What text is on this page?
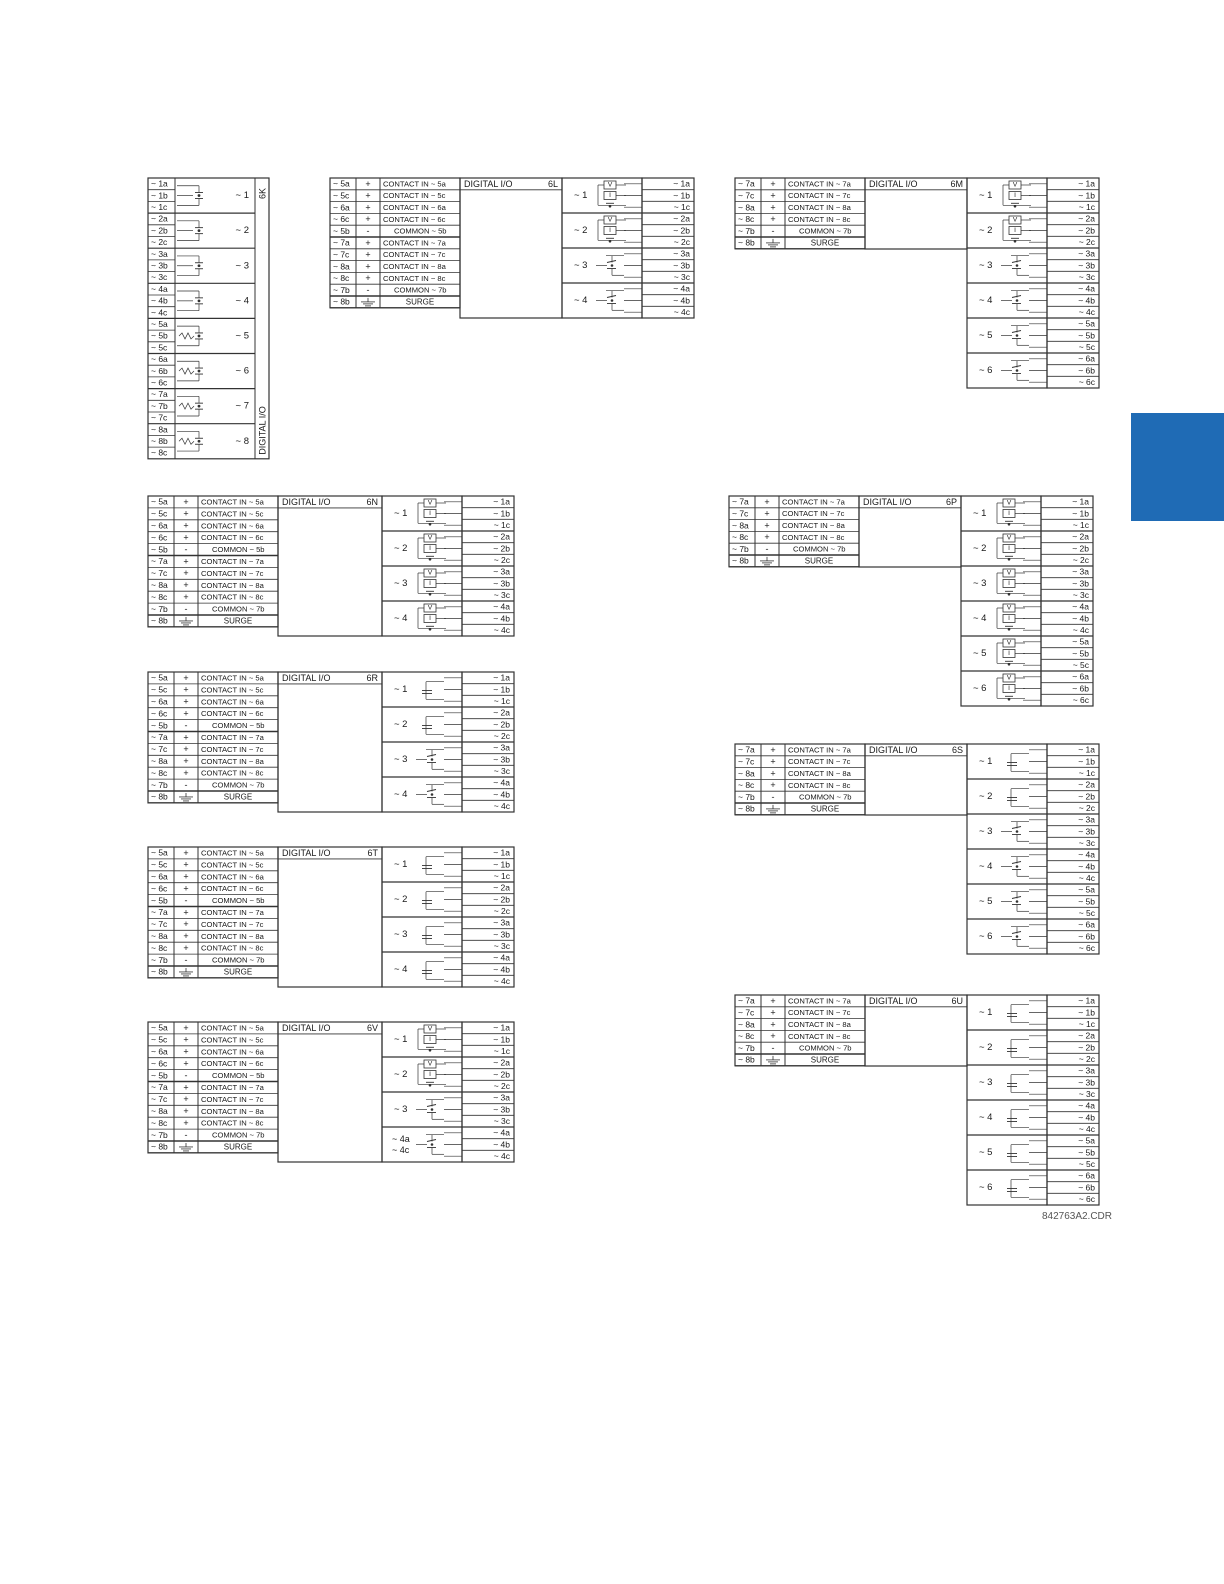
~ 1a
~ 1b
~ 1c
~ 1
~ 2a
~ 2b
~ 2c
~ 2
~ 3a
~ 3b
~ 3c
~ 3
~ 4a
~ 4b
~ 4c
~ 4
~ 5a
~ 5b
~ 5c
~ 5
~ 6a
~ 6b
~ 6c
~ 6
~ 7a
~ 7b
~ 7c
~ 7
~ 8a
~ 8b
~ 8c
~ 8
6K
DIGITAL I/O
~ 5a + CONTACT IN ~ 5a
~ 5c + CONTACT IN ~ 5c
~ 6a + CONTACT IN ~ 6a
~ 6c + CONTACT IN ~ 6c
~ 5b -	COMMON ~ 5b
~ 7a + CONTACT IN ~ 7a
~ 7c + CONTACT IN ~ 7c
~ 8a + CONTACT IN ~ 8a
~ 8c + CONTACT IN ~ 8c
~ 7b -	COMMON ~ 7b
~ 8b	SURGE
DIGITAL I/O	6L
~ 1
V
I
~ 1a
~ 1b
~ 1c
~ 2
V
I
~ 2a
~ 2b
~ 2c
~ 3
~ 3a
~ 3b
~ 3c
~ 4
~ 4a
~ 4b
~ 4c
~ 7a + CONTACT IN ~ 7a
~ 7c + CONTACT IN ~ 7c
~ 8a + CONTACT IN ~ 8a
~ 8c + CONTACT IN ~ 8c
~ 7b -	COMMON ~ 7b
~ 8b	SURGE
DIGITAL I/O	6M
~ 1
V
I
~ 1a
~ 1b
~ 1c
~ 2
V
I
~ 2a
~ 2b
~ 2c
~ 3
~ 3a
~ 3b
~ 3c
~ 4
~ 4a
~ 4b
~ 4c
~ 5
~ 5a
~ 5b
~ 5c
~ 6
~ 6a
~ 6b
~ 6c
~ 5a + CONTACT IN ~ 5a
~ 5c + CONTACT IN ~ 5c
~ 6a + CONTACT IN ~ 6a
~ 6c + CONTACT IN ~ 6c
~ 5b -	COMMON ~ 5b
~ 7a + CONTACT IN ~ 7a
~ 7c + CONTACT IN ~ 7c
~ 8a + CONTACT IN ~ 8a
~ 8c + CONTACT IN ~ 8c
~ 7b -	COMMON ~ 7b
~ 8b	SURGE
DIGITAL I/O	6N
~ 1
V
I
~ 1a
~ 1b
~ 1c
~ 2
V
I
~ 2a
~ 2b
~ 2c
~ 3
V
I
~ 3a
~ 3b
~ 3c
~ 4
V
I
~ 4a
~ 4b
~ 4c
~ 7a + CONTACT IN ~ 7a
~ 7c + CONTACT IN ~ 7c
~ 8a + CONTACT IN ~ 8a
~ 8c + CONTACT IN ~ 8c
~ 7b -	COMMON ~ 7b
~ 8b	SURGE
DIGITAL I/O	6P
~ 1
V
I
~ 1a
~ 1b
~ 1c
~ 2
V
I
~ 2a
~ 2b
~ 2c
~ 3
V
I
~ 3a
~ 3b
~ 3c
~ 4
V
I
~ 4a
~ 4b
~ 4c
~ 5
V
I
~ 5a
~ 5b
~ 5c
~ 6
V
I
~ 6a
~ 6b
~ 6c
~ 5a + CONTACT IN ~ 5a
~ 5c + CONTACT IN ~ 5c
~ 6a + CONTACT IN ~ 6a
~ 6c + CONTACT IN ~ 6c
~ 5b -	COMMON ~ 5b
~ 7a + CONTACT IN ~ 7a
~ 7c + CONTACT IN ~ 7c
~ 8a + CONTACT IN ~ 8a
~ 8c + CONTACT IN ~ 8c
~ 7b -	COMMON ~ 7b
~ 8b	SURGE
DIGITAL I/O	6R
~ 1
~ 1a
~ 1b
~ 1c
~ 2
~ 2a
~ 2b
~ 2c
~ 3
~ 3a
~ 3b
~ 3c
~ 4
~ 4a
~ 4b
~ 4c
~ 7a + CONTACT IN ~ 7a
~ 7c + CONTACT IN ~ 7c
~ 8a + CONTACT IN ~ 8a
~ 8c + CONTACT IN ~ 8c
~ 7b -	COMMON ~ 7b
~ 8b	SURGE
DIGITAL I/O	6S
~ 1
~ 1a
~ 1b
~ 1c
~ 2
~ 2a
~ 2b
~ 2c
~ 3
~ 3a
~ 3b
~ 3c
~ 4
~ 4a
~ 4b
~ 4c
~ 5
~ 5a
~ 5b
~ 5c
~ 6
~ 6a
~ 6b
~ 6c
~ 5a + CONTACT IN ~ 5a
~ 5c + CONTACT IN ~ 5c
~ 6a + CONTACT IN ~ 6a
~ 6c + CONTACT IN ~ 6c
~ 5b -	COMMON ~ 5b
~ 7a + CONTACT IN ~ 7a
~ 7c + CONTACT IN ~ 7c
~ 8a + CONTACT IN ~ 8a
~ 8c + CONTACT IN ~ 8c
~ 7b -	COMMON ~ 7b
~ 8b	SURGE
DIGITAL I/O	6T
~ 1
~ 1a
~ 1b
~ 1c
~ 2
~ 2a
~ 2b
~ 2c
~ 3
~ 3a
~ 3b
~ 3c
~ 4
~ 4a
~ 4b
~ 4c
~ 7a + CONTACT IN ~ 7a
~ 7c + CONTACT IN ~ 7c
~ 8a + CONTACT IN ~ 8a
~ 8c + CONTACT IN ~ 8c
~ 7b -	COMMON ~ 7b
~ 8b	SURGE
DIGITAL I/O	6U
~ 1
~ 1a
~ 1b
~ 1c
~ 2
~ 2a
~ 2b
~ 2c
~ 3
~ 3a
~ 3b
~ 3c
~ 4
~ 4a
~ 4b
~ 4c
~ 5
~ 5a
~ 5b
~ 5c
~ 6
~ 6a
~ 6b
~ 6c
~ 5a + CONTACT IN ~ 5a
~ 5c + CONTACT IN ~ 5c
~ 6a + CONTACT IN ~ 6a
~ 6c + CONTACT IN ~ 6c
~ 5b -	COMMON ~ 5b
~ 7a + CONTACT IN ~ 7a
~ 7c + CONTACT IN ~ 7c
~ 8a + CONTACT IN ~ 8a
~ 8c + CONTACT IN ~ 8c
~ 7b -	COMMON ~ 7b
~ 8b	SURGE
DIGITAL I/O	6V
~ 1
V
I
~ 1a
~ 1b
~ 1c
~ 2
V
I
~ 2a
~ 2b
~ 2c
~ 3
~ 3a
~ 3b
~ 3c
~ 4a
~ 4c
~ 4a
~ 4b
~ 4c
842763A2.CDR
